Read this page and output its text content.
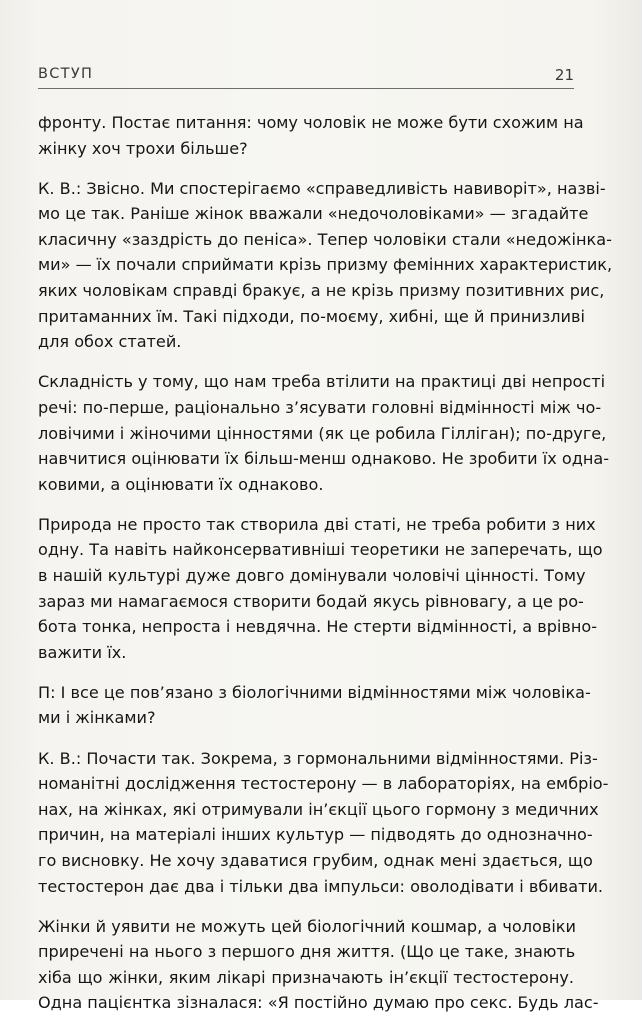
ВСТУП	21
фронту. Постає питання: чому чоловік не може бути схожим на
жінку хоч трохи більше?
К. В.: Звісно. Ми спостерігаємо «справедливість навиворіт», назві-
мо це так. Раніше жінок вважали «недочоловіками» — згадайте
класичну «заздрість до пеніса». Тепер чоловіки стали «недожінка-
ми» — їх почали сприймати крізь призму фемінних характеристик,
яких чоловікам справді бракує, а не крізь призму позитивних рис,
притаманних їм. Такі підходи, по-моєму, хибні, ще й принизливі
для обох статей.
Складність у тому, що нам треба втілити на практиці дві непрості
речі: по-перше, раціонально з’ясувати головні відмінності між чо-
ловічими і жіночими цінностями (як це робила Гілліган); по-друге,
навчитися оцінювати їх більш-менш однаково. Не зробити їх одна-
ковими, а оцінювати їх однаково.
Природа не просто так створила дві статі, не треба робити з них
одну. Та навіть найконсервативніші теоретики не заперечать, що
в нашій культурі дуже довго домінували чоловічі цінності. Тому
зараз ми намагаємося створити бодай якусь рівновагу, а це ро-
бота тонка, непроста і невдячна. Не стерти відмінності, а врівно-
важити їх.
П: І все це пов’язано з біологічними відмінностями між чоловіка-
ми і жінками?
К. В.: Почасти так. Зокрема, з гормональними відмінностями. Різ-
номанітні дослідження тестостерону — в лабораторіях, на ембріо-
нах, на жінках, які отримували ін’єкції цього гормону з медичних
причин, на матеріалі інших культур — підводять до однозначно-
го висновку. Не хочу здаватися грубим, однак мені здається, що
тестостерон дає два і тільки два імпульси: оволодівати і вбивати.
Жінки й уявити не можуть цей біологічний кошмар, а чоловіки
приречені на нього з першого дня життя. (Що це таке, знають
хіба що жінки, яким лікарі призначають ін’єкції тестостерону.
Одна пацієнтка зізналася: «Я постійно думаю про секс. Будь лас-
